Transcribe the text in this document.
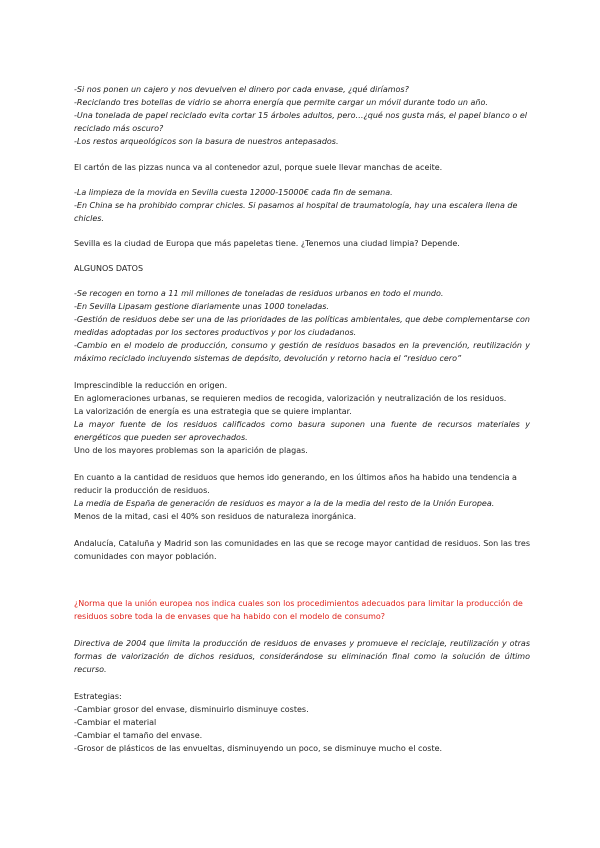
-Si nos ponen un cajero y nos devuelven el dinero por cada envase, ¿qué diríamos?

-Reciclando tres botellas de vidrio se ahorra energía que permite cargar un móvil durante todo un año.

-Una tonelada de papel reciclado evita cortar 15 árboles adultos, pero…¿qué nos gusta más, el papel blanco o el reciclado más oscuro?

-Los restos arqueológicos son la basura de nuestros antepasados.

El cartón de las pizzas nunca va al contenedor azul, porque suele llevar manchas de aceite.

-La limpieza de la movida en Sevilla cuesta 12000-15000€ cada fin de semana.

-En China se ha prohibido comprar chicles. Si pasamos al hospital de traumatología, hay una escalera llena de chicles.

Sevilla es la ciudad de Europa que más papeletas tiene. ¿Tenemos una ciudad limpia? Depende.

ALGUNOS DATOS

-Se recogen en torno a 11 mil millones de toneladas de residuos urbanos en todo el mundo.

-En Sevilla Lipasam gestione diariamente unas 1000 toneladas.

-Gestión de residuos debe ser una de las prioridades de las políticas ambientales, que debe complementarse con medidas adoptadas por los sectores productivos y por los ciudadanos.

-Cambio en el modelo de producción, consumo y gestión de residuos basados en la prevención, reutilización y máximo reciclado incluyendo sistemas de depósito, devolución y retorno hacia el “residuo cero”

Imprescindible la reducción en origen.

En aglomeraciones urbanas, se requieren medios de recogida, valorización y neutralización de los residuos.

La valorización de energía es una estrategia que se quiere implantar.

La mayor fuente de los residuos calificados como basura suponen una fuente de recursos materiales y energéticos que pueden ser aprovechados.

Uno de los mayores problemas son la aparición de plagas.

En cuanto a la cantidad de residuos que hemos ido generando, en los últimos años ha habido una tendencia a reducir la producción de residuos.

La media de España de generación de residuos es mayor a la de la media del resto de la Unión Europea.

Menos de la mitad, casi el 40% son residuos de naturaleza inorgánica.

Andalucía, Cataluña y Madrid son las comunidades en las que se recoge mayor cantidad de residuos. Son las tres comunidades con mayor población.

¿Norma que la unión europea nos indica cuales son los procedimientos adecuados para limitar la producción de residuos sobre toda la de envases que ha habido con el modelo de consumo?

Directiva de 2004 que limita la producción de residuos de envases y promueve el reciclaje, reutilización y otras formas de valorización de dichos residuos, considerándose su eliminación final como la solución de último recurso.

Estrategias:

-Cambiar grosor del envase, disminuirlo disminuye costes.

-Cambiar el material

-Cambiar el tamaño del envase.

-Grosor de plásticos de las envueltas, disminuyendo un poco, se disminuye mucho el coste.
